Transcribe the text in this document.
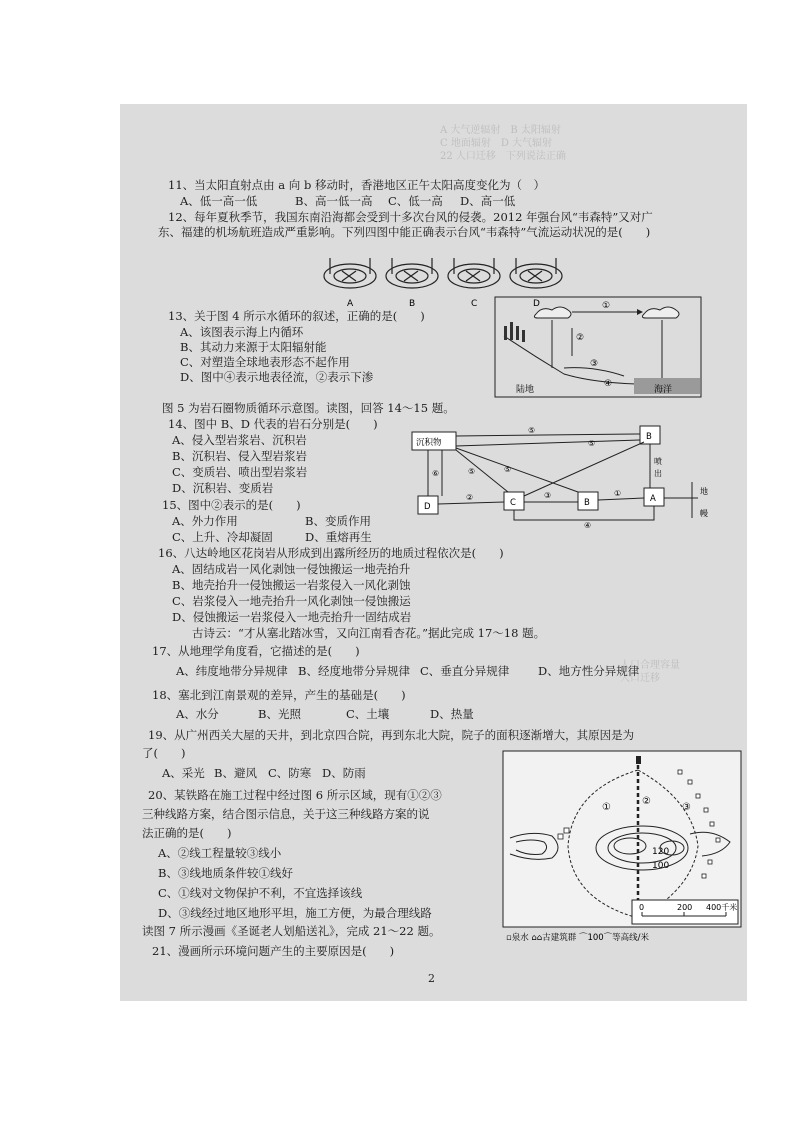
A 大气逆辐射　B 太阳辐射
C 地面辐射　D 大气辐射
22 人口迁移　下列说法正确
人口合理容量
人口迁移
11、当太阳直射点由 a 向 b 移动时，香港地区正午太阳高度变化为（　）
A、低一高一低	B、高一低一高 C、低一高 D、高一低
12、每年夏秋季节，我国东南沿海都会受到十多次台风的侵袭。2012 年强台风“韦森特”又对广
东、福建的机场航班造成严重影响。下列四图中能正确表示台风“韦森特”气流运动状况的是(　　)
A	B	C	D
13、关于图 4 所示水循环的叙述，正确的是(　　)
A、该图表示海上内循环
B、其动力来源于太阳辐射能
C、对塑造全球地表形态不起作用
D、图中④表示地表径流，②表示下渗
①
②
③
④
陆地	海洋
图 5 为岩石圈物质循环示意图。读图，回答 14～15 题。
14、图中 B、D 代表的岩石分别是(　　)
A、侵入型岩浆岩、沉积岩
B、沉积岩、侵入型岩浆岩
C、变质岩、喷出型岩浆岩
D、沉积岩、变质岩
沉积物
B
D	C	B	A
⑤
⑤
⑥	⑤	⑤
②	③	①
④
喷
出
地
幔
15、图中②表示的是(　　)
A、外力作用	B、变质作用
C、上升、冷却凝固	D、重熔再生
16、八达岭地区花岗岩从形成到出露所经历的地质过程依次是(　　)
A、固结成岩一风化剥蚀一侵蚀搬运一地壳抬升
B、地壳抬升一侵蚀搬运一岩浆侵入一风化剥蚀
C、岩浆侵入一地壳抬升一风化剥蚀一侵蚀搬运
D、侵蚀搬运一岩浆侵入一地壳抬升一固结成岩
古诗云：“才从塞北踏冰雪，又向江南看杏花。”据此完成 17～18 题。
17、从地理学角度看，它描述的是(　　)
A、纬度地带分异规律 B、经度地带分异规律 C、垂直分异规律 D、地方性分异规律
18、塞北到江南景观的差异，产生的基础是(　　)
A、水分	B、光照	C、土壤	D、热量
19、从广州西关大屋的天井，到北京四合院，再到东北大院，院子的面积逐渐增大，其原因是为
了(　　)
A、采光 B、避风 C、防寒 D、防雨
20、某铁路在施工过程中经过图 6 所示区域，现有①②③
三种线路方案，结合图示信息，关于这三种线路方案的说
法正确的是(　　)
A、②线工程量较③线小
B、③线地质条件较①线好
C、①线对文物保护不利，不宜选择该线
D、③线经过地区地形平坦，施工方便，为最合理线路
①
②
③
120
100
0	200 400千米
▫泉水 ⌂⌂古建筑群 ⌒100⌒等高线/米
读图 7 所示漫画《圣诞老人划船送礼》，完成 21～22 题。
21、漫画所示环境问题产生的主要原因是(　　)
2
